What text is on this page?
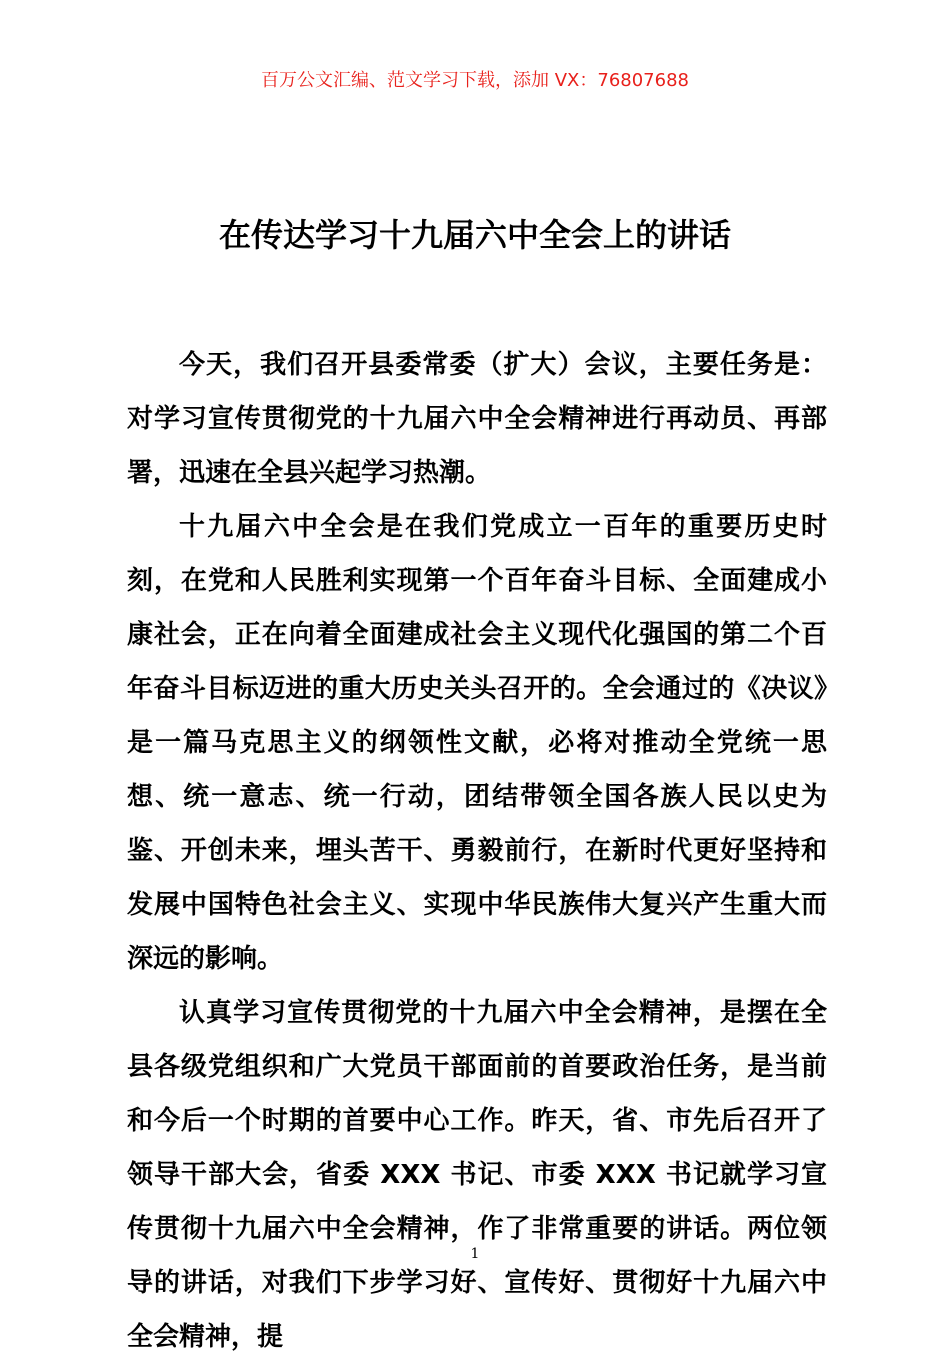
百万公文汇编、范文学习下载，添加 VX：76807688
在传达学习十九届六中全会上的讲话

今天，我们召开县委常委（扩大）会议，主要任务是：对学习宣传贯彻党的十九届六中全会精神进行再动员、再部署，迅速在全县兴起学习热潮。

十九届六中全会是在我们党成立一百年的重要历史时刻，在党和人民胜利实现第一个百年奋斗目标、全面建成小康社会，正在向着全面建成社会主义现代化强国的第二个百年奋斗目标迈进的重大历史关头召开的。全会通过的《决议》是一篇马克思主义的纲领性文献，必将对推动全党统一思想、统一意志、统一行动，团结带领全国各族人民以史为鉴、开创未来，埋头苦干、勇毅前行，在新时代更好坚持和发展中国特色社会主义、实现中华民族伟大复兴产生重大而深远的影响。

认真学习宣传贯彻党的十九届六中全会精神，是摆在全县各级党组织和广大党员干部面前的首要政治任务，是当前和今后一个时期的首要中心工作。昨天，省、市先后召开了领导干部大会，省委 XXX 书记、市委 XXX 书记就学习宣传贯彻十九届六中全会精神，作了非常重要的讲话。两位领导的讲话，对我们下步学习好、宣传好、贯彻好十九届六中全会精神，提

1
